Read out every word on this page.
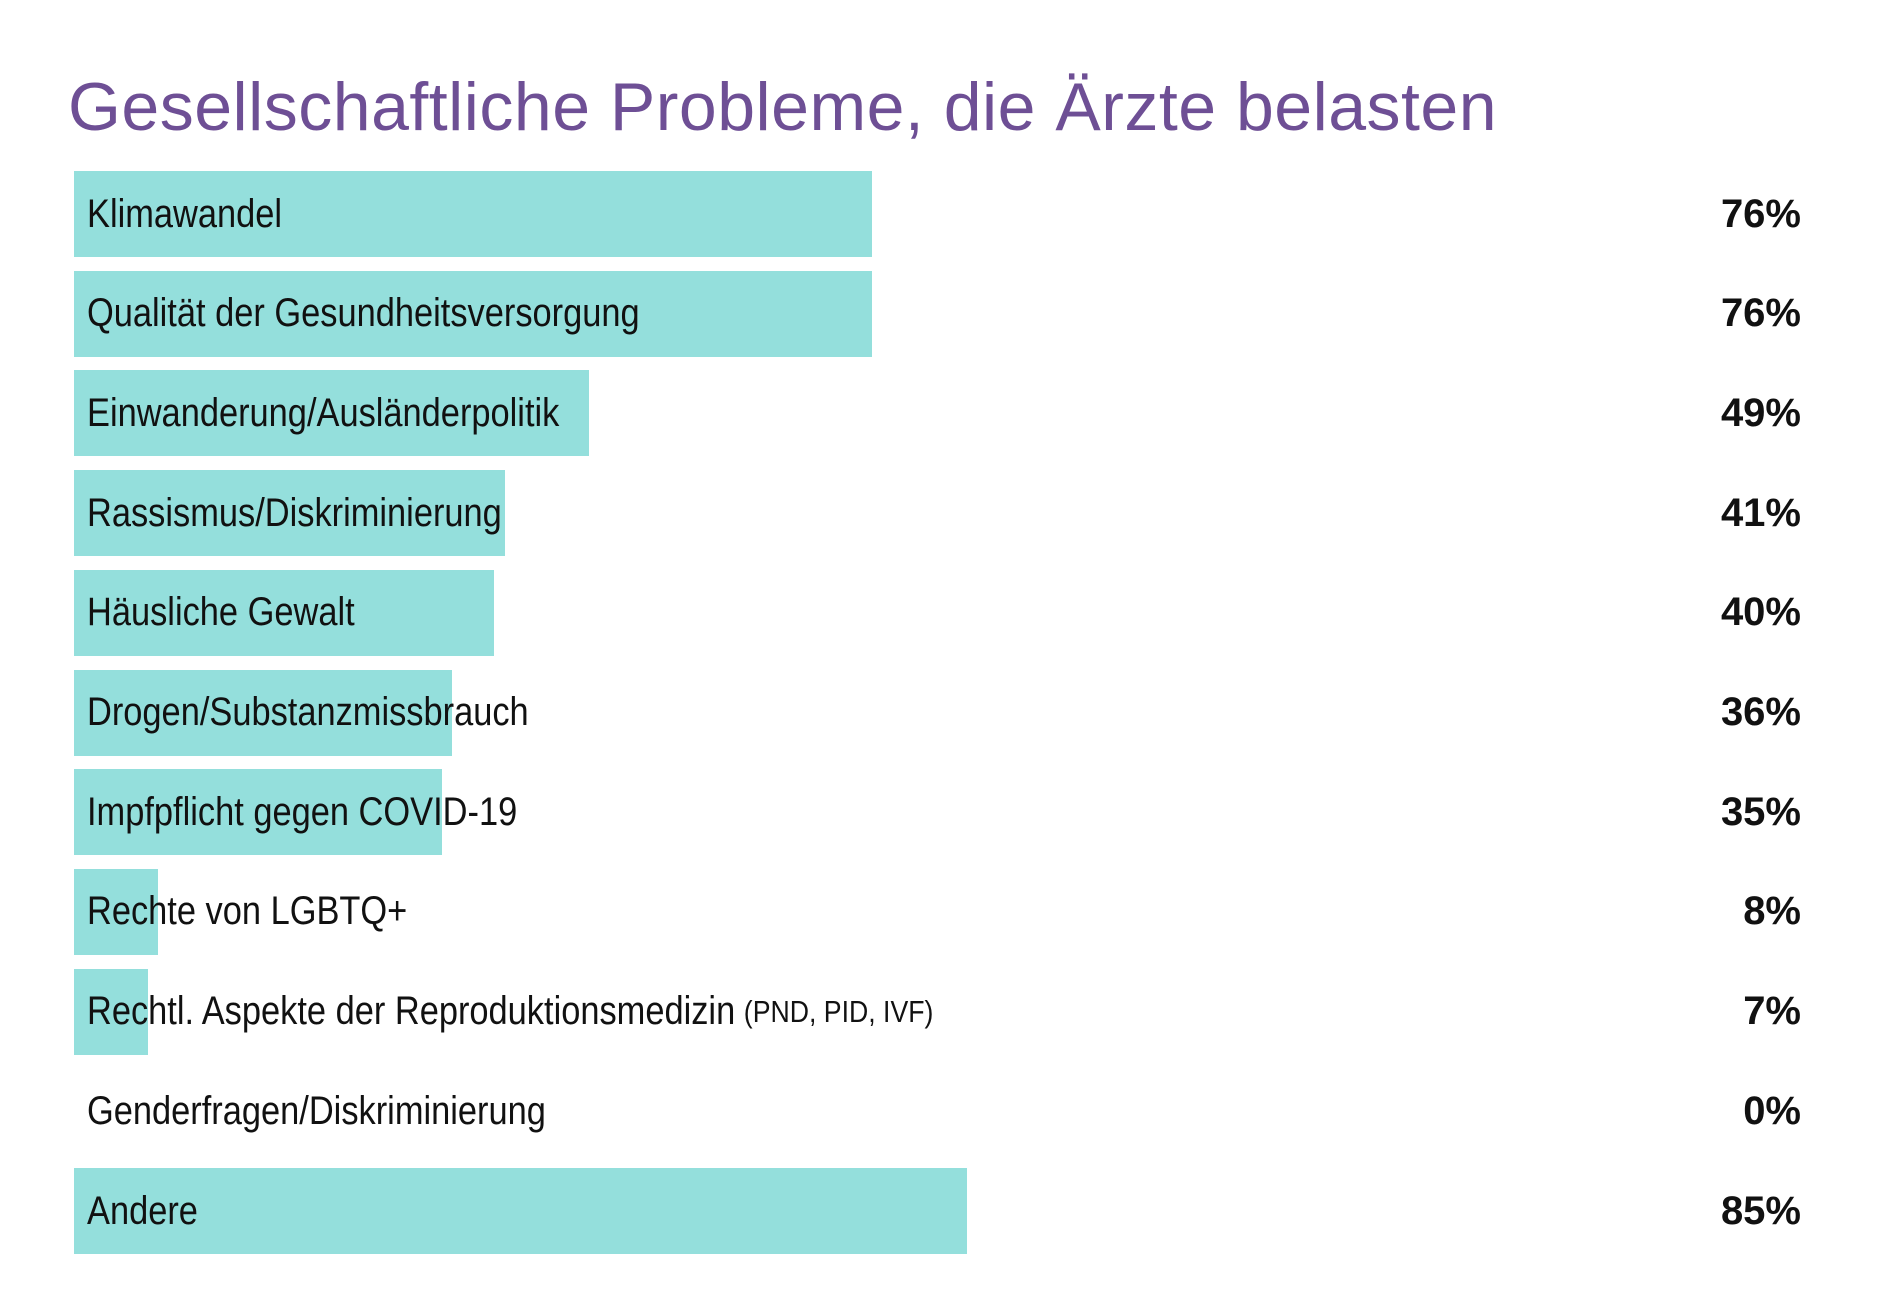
Gesellschaftliche Probleme, die Ärzte belasten
Klimawandel	76%
Qualität der Gesundheitsversorgung	76%
Einwanderung/Ausländerpolitik	49%
Rassismus/Diskriminierung	41%
Häusliche Gewalt	40%
Drogen/Substanzmissbrauch	36%
Impfpflicht gegen COVID-19	35%
Rechte von LGBTQ+	8%
Rechtl. Aspekte der Reproduktionsmedizin (PND, PID, IVF)	7%
Genderfragen/Diskriminierung	0%
Andere	85%
